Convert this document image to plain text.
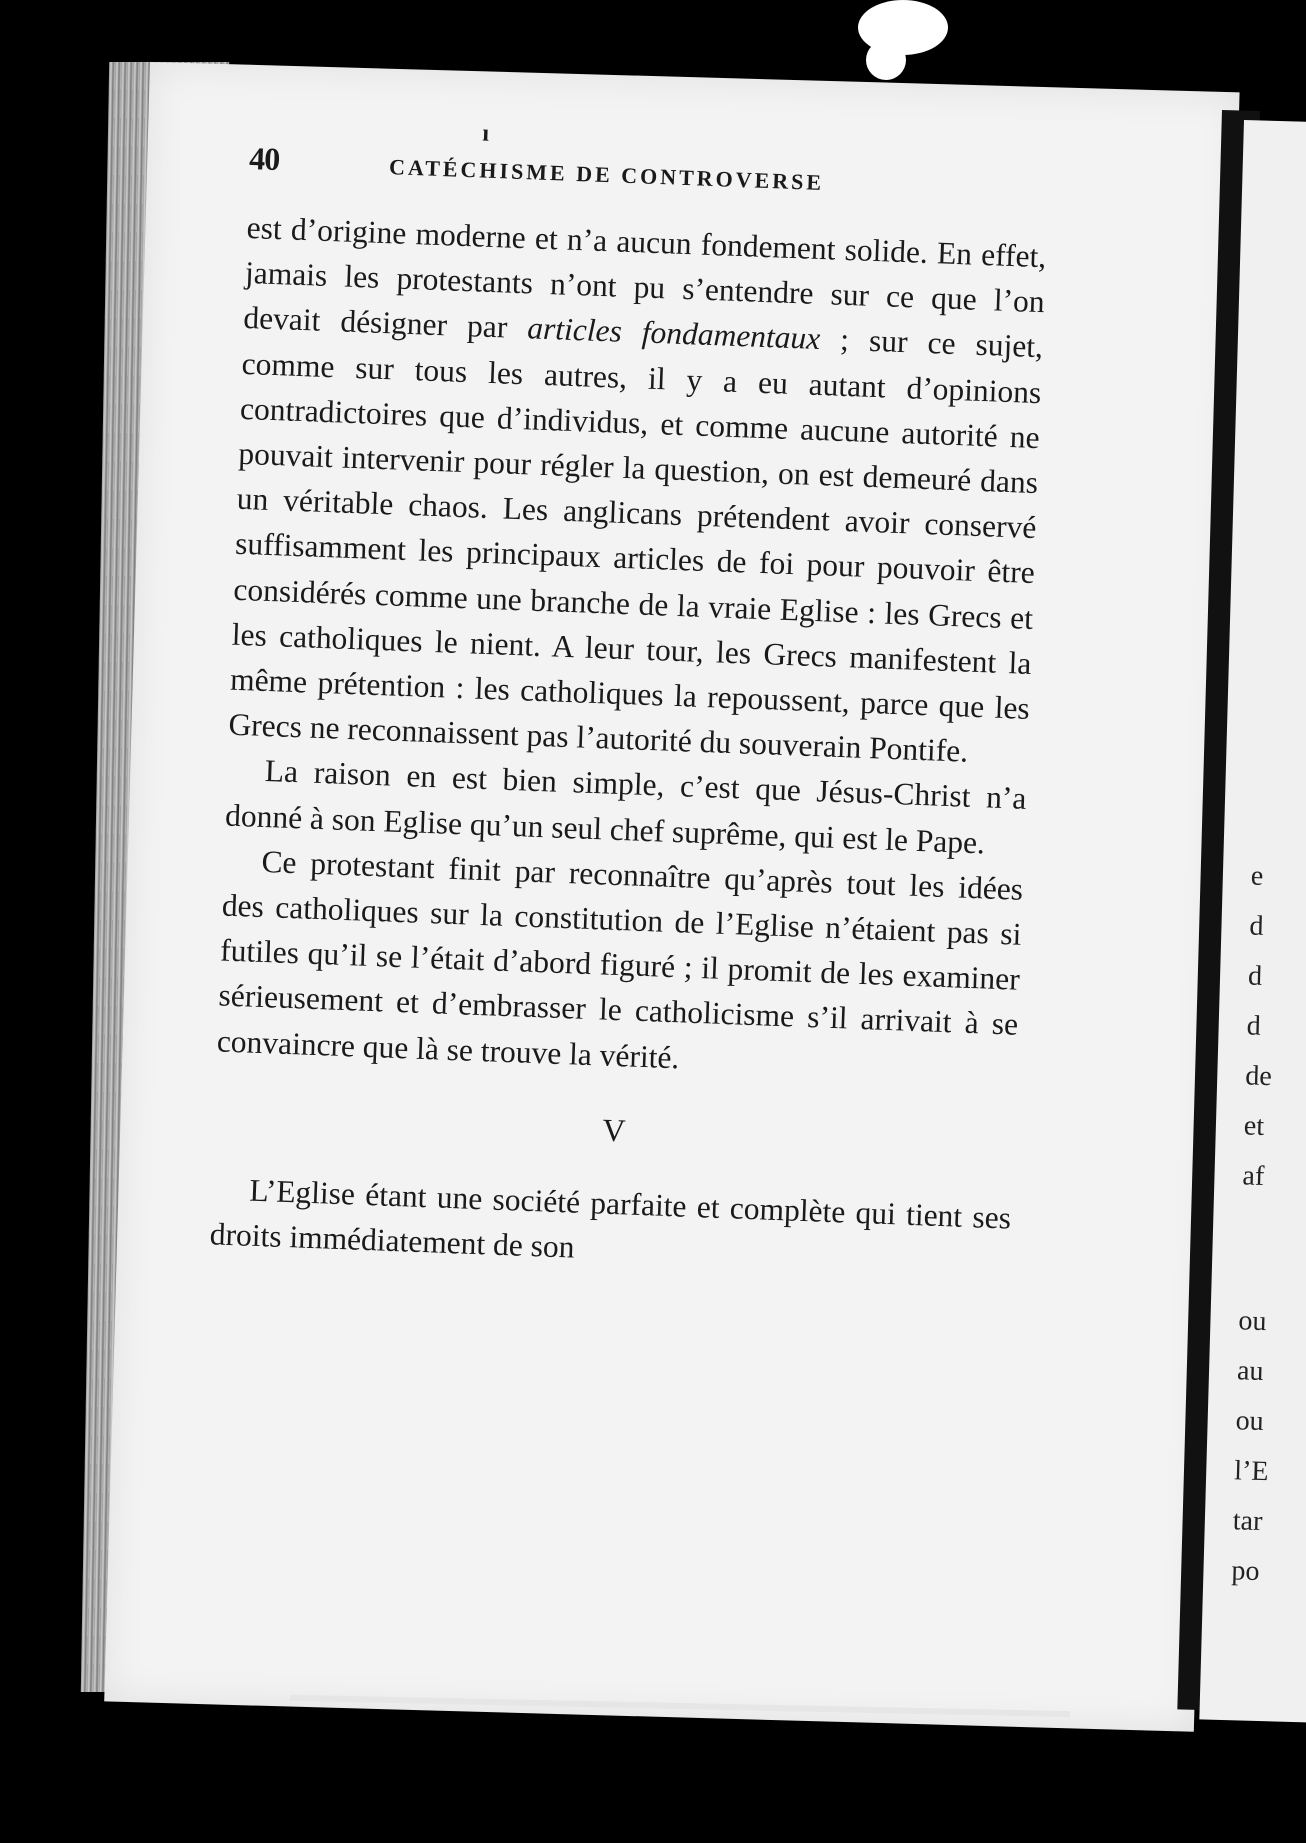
e
d
d
d
de
et
af
ou
au
ou
l’E
tar
po
ı
40	CATÉCHISME DE CONTROVERSE

est d’origine moderne et n’a aucun fondement solide. En effet, jamais les protestants n’ont pu s’entendre sur ce que l’on devait désigner par articles fondamentaux ; sur ce sujet, comme sur tous les autres, il y a eu autant d’opinions contradictoires que d’individus, et comme aucune autorité ne pouvait intervenir pour régler la question, on est demeuré dans un véritable chaos. Les anglicans prétendent avoir conservé suffisamment les principaux articles de foi pour pouvoir être considérés comme une branche de la vraie Eglise : les Grecs et les catholiques le nient. A leur tour, les Grecs manifestent la même prétention : les catholiques la repoussent, parce que les Grecs ne reconnaissent pas l’autorité du souverain Pontife.

La raison en est bien simple, c’est que Jésus-Christ n’a donné à son Eglise qu’un seul chef suprême, qui est le Pape.

Ce protestant finit par reconnaître qu’après tout les idées des catholiques sur la constitution de l’Eglise n’étaient pas si futiles qu’il se l’était d’abord figuré ; il promit de les examiner sérieusement et d’embrasser le catholicisme s’il arrivait à se convaincre que là se trouve la vérité.

V

L’Eglise étant une société parfaite et complète qui tient ses droits immédiatement de son
